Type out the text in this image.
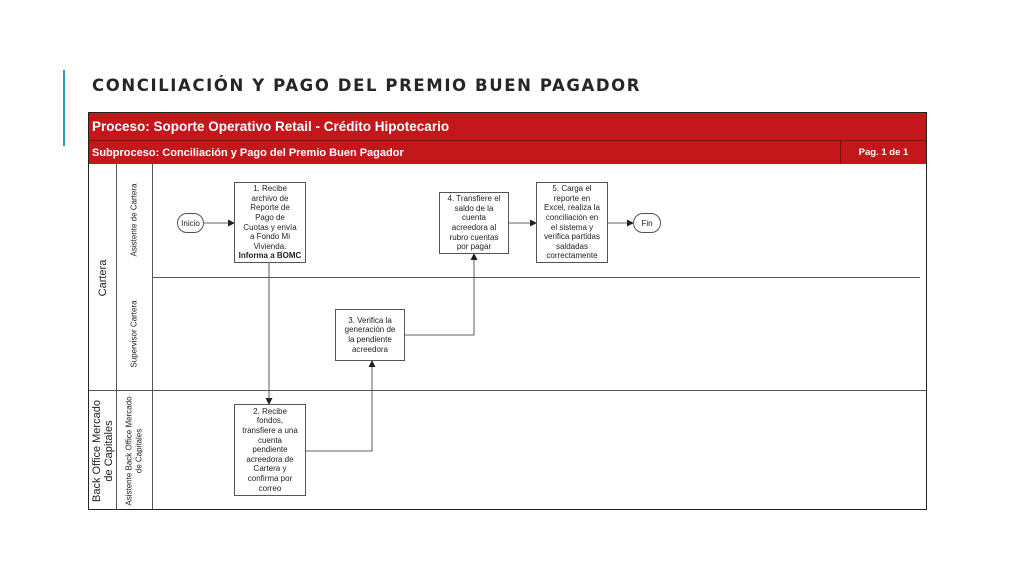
CONCILIACIÓN Y PAGO DEL PREMIO BUEN PAGADOR
Proceso: Soporte Operativo Retail - Crédito Hipotecario
Subproceso: Conciliación y Pago del Premio Buen Pagador	Pag. 1 de 1
Cartera
Back Office Mercado de Capitales
Asistente de Cartera
Supervisor Cartera
Asistente Back Office Mercado de Capitales
Inicio	Fin
1. Recibe
archivo de
Reporte de
Pago de
Cuotas y envía
a Fondo Mi
Vivienda.
Informa a BOMC
2. Recibe
fondos,
transfiere a una
cuenta
pendiente
acreedora de
Cartera y
confirma por
correo
3. Verifica la
generación de
la pendiente
acreedora
4. Transfiere el
saldo de la
cuenta
acreedora al
rubro cuentas
por pagar
5. Carga el
reporte en
Excel, realiza la
conciliación en
el sistema y
verifica partidas
saldadas
correctamente
